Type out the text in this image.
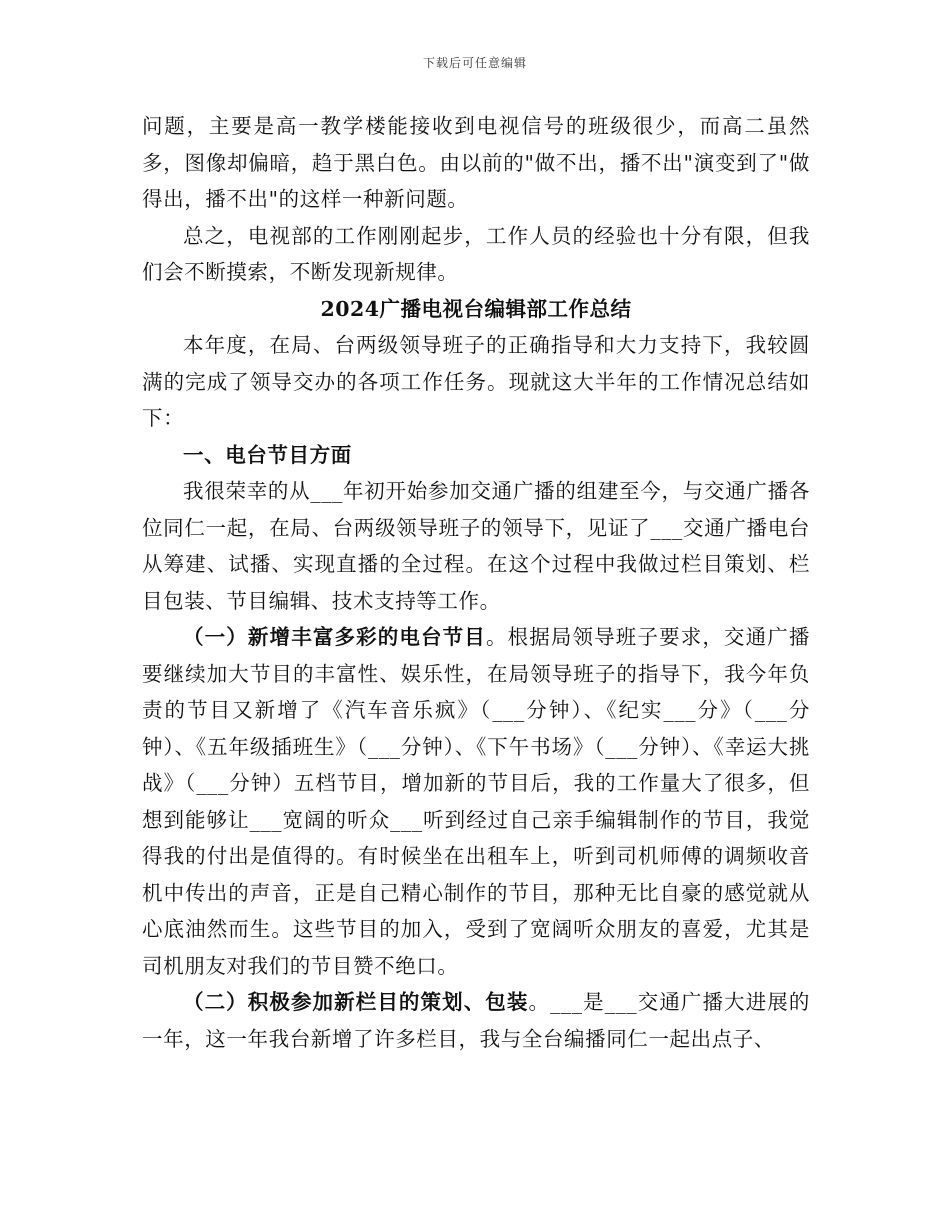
下载后可任意编辑

问题，主要是高一教学楼能接收到电视信号的班级很少，而高二虽然多，图像却偏暗，趋于黑白色。由以前的"做不出，播不出"演变到了"做得出，播不出"的这样一种新问题。

总之，电视部的工作刚刚起步，工作人员的经验也十分有限，但我们会不断摸索，不断发现新规律。

2024广播电视台编辑部工作总结

本年度，在局、台两级领导班子的正确指导和大力支持下，我较圆满的完成了领导交办的各项工作任务。现就这大半年的工作情况总结如下：

一、电台节目方面

我很荣幸的从___年初开始参加交通广播的组建至今，与交通广播各位同仁一起，在局、台两级领导班子的领导下，见证了___交通广播电台从筹建、试播、实现直播的全过程。在这个过程中我做过栏目策划、栏目包装、节目编辑、技术支持等工作。

（一）新增丰富多彩的电台节目。根据局领导班子要求，交通广播要继续加大节目的丰富性、娱乐性，在局领导班子的指导下，我今年负责的节目又新增了《汽车音乐疯》（___分钟）、《纪实___分》（___分钟）、《五年级插班生》（___分钟）、《下午书场》（___分钟）、《幸运大挑战》（___分钟）五档节目，增加新的节目后，我的工作量大了很多，但想到能够让___宽阔的听众___听到经过自己亲手编辑制作的节目，我觉得我的付出是值得的。有时候坐在出租车上，听到司机师傅的调频收音机中传出的声音，正是自己精心制作的节目，那种无比自豪的感觉就从心底油然而生。这些节目的加入，受到了宽阔听众朋友的喜爱，尤其是司机朋友对我们的节目赞不绝口。

（二）积极参加新栏目的策划、包装。___是___交通广播大进展的一年，这一年我台新增了许多栏目，我与全台编播同仁一起出点子、
